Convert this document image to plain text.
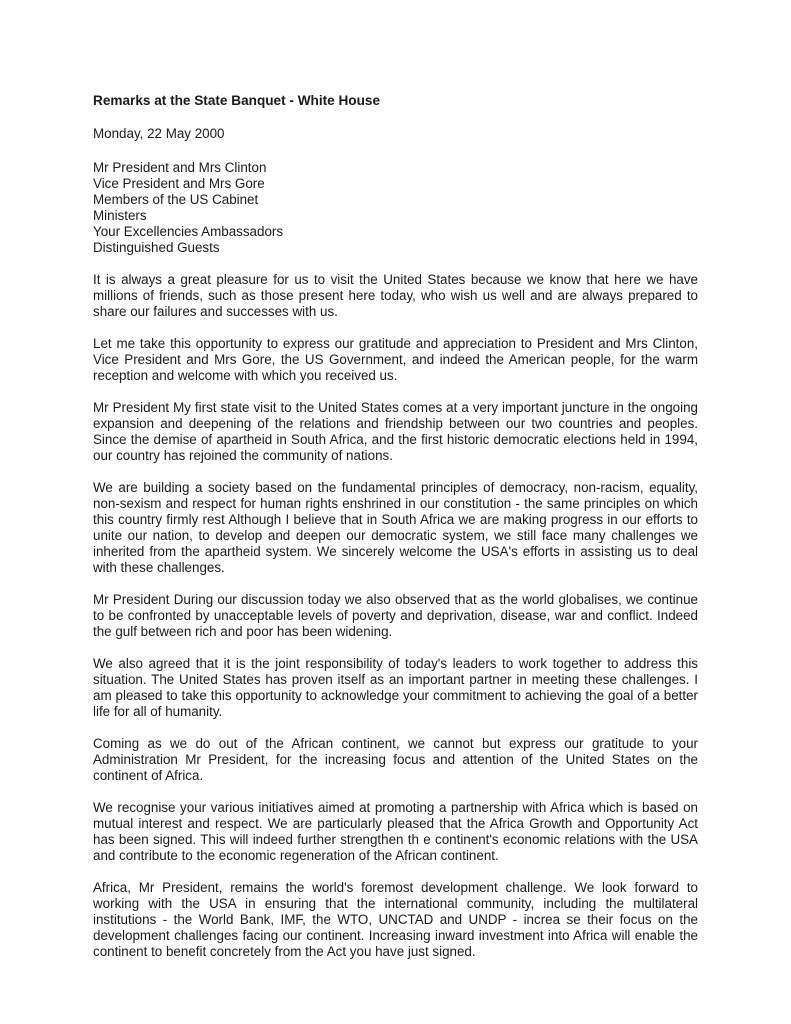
Remarks at the State Banquet - White House

Monday, 22 May 2000

Mr President and Mrs Clinton
Vice President and Mrs Gore
Members of the US Cabinet
Ministers
Your Excellencies Ambassadors
Distinguished Guests

It is always a great pleasure for us to visit the United States because we know that here we have millions of friends, such as those present here today, who wish us well and are always prepared to share our failures and successes with us.

Let me take this opportunity to express our gratitude and appreciation to President and Mrs Clinton, Vice President and Mrs Gore, the US Government, and indeed the American people, for the warm reception and welcome with which you received us.

Mr President My first state visit to the United States comes at a very important juncture in the ongoing expansion and deepening of the relations and friendship between our two countries and peoples. Since the demise of apartheid in South Africa, and the first historic democratic elections held in 1994, our country has rejoined the community of nations.

We are building a society based on the fundamental principles of democracy, non-racism, equality, non-sexism and respect for human rights enshrined in our constitution - the same principles on which this country firmly rest Although I believe that in South Africa we are making progress in our efforts to unite our nation, to develop and deepen our democratic system, we still face many challenges we inherited from the apartheid system. We sincerely welcome the USA's efforts in assisting us to deal with these challenges.

Mr President During our discussion today we also observed that as the world globalises, we continue to be confronted by unacceptable levels of poverty and deprivation, disease, war and conflict. Indeed the gulf between rich and poor has been widening.

We also agreed that it is the joint responsibility of today's leaders to work together to address this situation. The United States has proven itself as an important partner in meeting these challenges. I am pleased to take this opportunity to acknowledge your commitment to achieving the goal of a better life for all of humanity.

Coming as we do out of the African continent, we cannot but express our gratitude to your Administration Mr President, for the increasing focus and attention of the United States on the continent of Africa.

We recognise your various initiatives aimed at promoting a partnership with Africa which is based on mutual interest and respect. We are particularly pleased that the Africa Growth and Opportunity Act has been signed. This will indeed further strengthen th e continent's economic relations with the USA and contribute to the economic regeneration of the African continent.

Africa, Mr President, remains the world's foremost development challenge. We look forward to working with the USA in ensuring that the international community, including the multilateral institutions - the World Bank, IMF, the WTO, UNCTAD and UNDP - increa se their focus on the development challenges facing our continent. Increasing inward investment into Africa will enable the continent to benefit concretely from the Act you have just signed.
